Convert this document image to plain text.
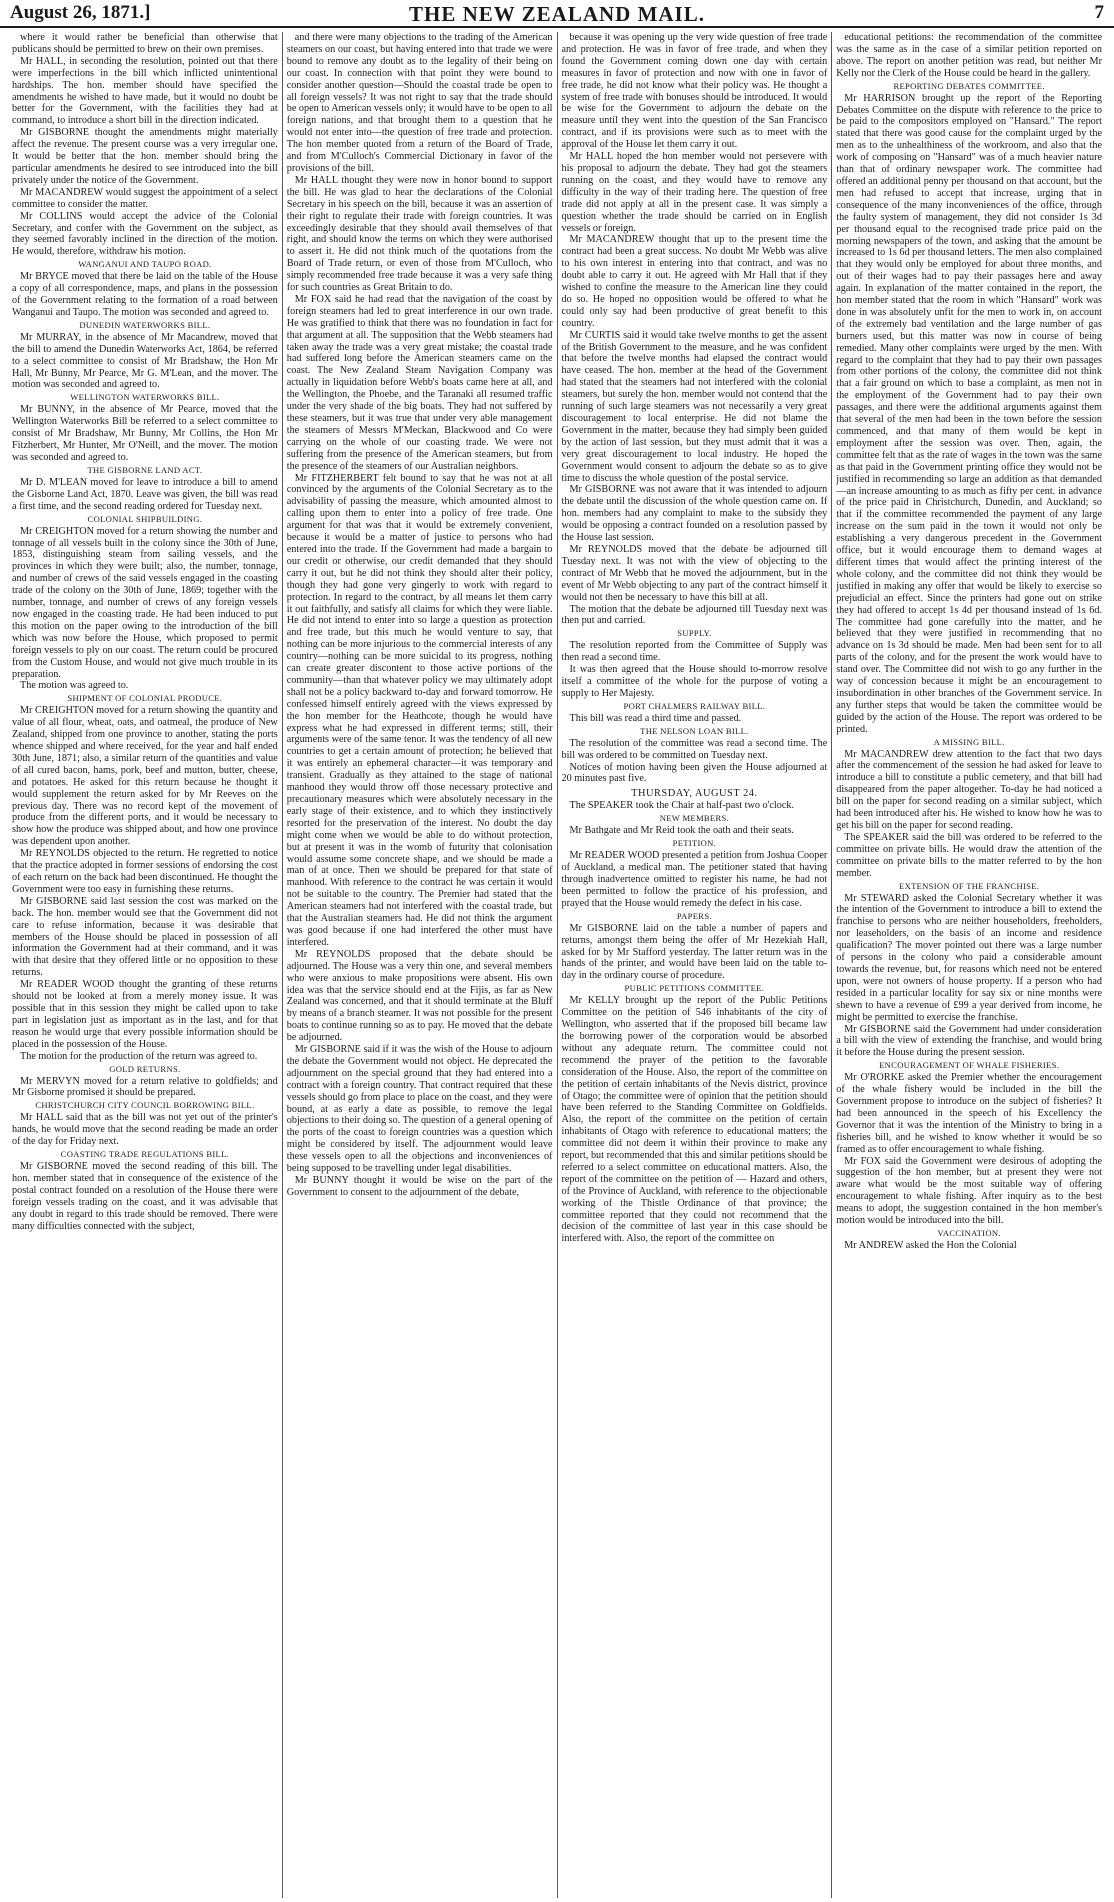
August 26, 1871.]	THE NEW ZEALAND MAIL.	7

where it would rather be beneficial than otherwise that publicans should be permitted to brew on their own premises.

Mr HALL, in seconding the resolution, pointed out that there were imperfections in the bill which inflicted unintentional hardships. The hon. member should have specified the amendments he wished to have made, but it would no doubt be better for the Government, with the facilities they had at command, to introduce a short bill in the direction indicated.

Mr GISBORNE thought the amendments might materially affect the revenue. The present course was a very irregular one. It would be better that the hon. member should bring the particular amendments he desired to see introduced into the bill privately under the notice of the Government.

Mr MACANDREW would suggest the appointment of a select committee to consider the matter.

Mr COLLINS would accept the advice of the Colonial Secretary, and confer with the Government on the subject, as they seemed favorably inclined in the direction of the motion. He would, therefore, withdraw his motion.

WANGANUI AND TAUPO ROAD.

Mr BRYCE moved that there be laid on the table of the House a copy of all correspondence, maps, and plans in the possession of the Government relating to the formation of a road between Wanganui and Taupo. The motion was seconded and agreed to.

DUNEDIN WATERWORKS BILL.

Mr MURRAY, in the absence of Mr Macandrew, moved that the bill to amend the Dunedin Waterworks Act, 1864, be referred to a select committee to consist of Mr Bradshaw, the Hon Mr Hall, Mr Bunny, Mr Pearce, Mr G. M'Lean, and the mover. The motion was seconded and agreed to.

WELLINGTON WATERWORKS BILL.

Mr BUNNY, in the absence of Mr Pearce, moved that the Wellington Waterworks Bill be referred to a select committee to consist of Mr Bradshaw, Mr Bunny, Mr Collins, the Hon Mr Fitzherbert, Mr Hunter, Mr O'Neill, and the mover. The motion was seconded and agreed to.

THE GISBORNE LAND ACT.

Mr D. M'LEAN moved for leave to introduce a bill to amend the Gisborne Land Act, 1870. Leave was given, the bill was read a first time, and the second reading ordered for Tuesday next.

COLONIAL SHIPBUILDING.

Mr CREIGHTON moved for a return showing the number and tonnage of all vessels built in the colony since the 30th of June, 1853, distinguishing steam from sailing vessels, and the provinces in which they were built; also, the number, tonnage, and number of crews of the said vessels engaged in the coasting trade of the colony on the 30th of June, 1869; together with the number, tonnage, and number of crews of any foreign vessels now engaged in the coasting trade. He had been induced to put this motion on the paper owing to the introduction of the bill which was now before the House, which proposed to permit foreign vessels to ply on our coast. The return could be procured from the Custom House, and would not give much trouble in its preparation.

The motion was agreed to.

SHIPMENT OF COLONIAL PRODUCE.

Mr CREIGHTON moved for a return showing the quantity and value of all flour, wheat, oats, and oatmeal, the produce of New Zealand, shipped from one province to another, stating the ports whence shipped and where received, for the year and half ended 30th June, 1871; also, a similar return of the quantities and value of all cured bacon, hams, pork, beef and mutton, butter, cheese, and potatoes. He asked for this return because he thought it would supplement the return asked for by Mr Reeves on the previous day. There was no record kept of the movement of produce from the different ports, and it would be necessary to show how the produce was shipped about, and how one province was dependent upon another.

Mr REYNOLDS objected to the return. He regretted to notice that the practice adopted in former sessions of endorsing the cost of each return on the back had been discontinued. He thought the Government were too easy in furnishing these returns.

Mr GISBORNE said last session the cost was marked on the back. The hon. member would see that the Government did not care to refuse information, because it was desirable that members of the House should be placed in possession of all information the Government had at their command, and it was with that desire that they offered little or no opposition to these returns.

Mr READER WOOD thought the granting of these returns should not be looked at from a merely money issue. It was possible that in this session they might be called upon to take part in legislation just as important as in the last, and for that reason he would urge that every possible information should be placed in the possession of the House.

The motion for the production of the return was agreed to.

GOLD RETURNS.

Mr MERVYN moved for a return relative to goldfields; and Mr Gisborne promised it should be prepared.

CHRISTCHURCH CITY COUNCIL BORROWING BILL.

Mr HALL said that as the bill was not yet out of the printer's hands, he would move that the second reading be made an order of the day for Friday next.

COASTING TRADE REGULATIONS BILL.

Mr GISBORNE moved the second reading of this bill. The hon. member stated that in consequence of the existence of the postal contract founded on a resolution of the House there were foreign vessels trading on the coast, and it was advisable that any doubt in regard to this trade should be removed. There were many difficulties connected with the subject,

and there were many objections to the trading of the American steamers on our coast, but having entered into that trade we were bound to remove any doubt as to the legality of their being on our coast. In connection with that point they were bound to consider another question—Should the coastal trade be open to all foreign vessels? It was not right to say that the trade should be open to American vessels only; it would have to be open to all foreign nations, and that brought them to a question that he would not enter into—the question of free trade and protection. The hon member quoted from a return of the Board of Trade, and from M'Culloch's Commercial Dictionary in favor of the provisions of the bill.

Mr HALL thought they were now in honor bound to support the bill. He was glad to hear the declarations of the Colonial Secretary in his speech on the bill, because it was an assertion of their right to regulate their trade with foreign countries. It was exceedingly desirable that they should avail themselves of that right, and should know the terms on which they were authorised to assert it. He did not think much of the quotations from the Board of Trade return, or even of those from M'Culloch, who simply recommended free trade because it was a very safe thing for such countries as Great Britain to do.

Mr FOX said he had read that the navigation of the coast by foreign steamers had led to great interference in our own trade. He was gratified to think that there was no foundation in fact for that argument at all. The supposition that the Webb steamers had taken away the trade was a very great mistake; the coastal trade had suffered long before the American steamers came on the coast. The New Zealand Steam Navigation Company was actually in liquidation before Webb's boats came here at all, and the Wellington, the Phoebe, and the Taranaki all resumed traffic under the very shade of the big boats. They had not suffered by these steamers, but it was true that under very able management the steamers of Messrs M'Meckan, Blackwood and Co were carrying on the whole of our coasting trade. We were not suffering from the presence of the American steamers, but from the presence of the steamers of our Australian neighbors.

Mr FITZHERBERT felt bound to say that he was not at all convinced by the arguments of the Colonial Secretary as to the advisability of passing the measure, which amounted almost to calling upon them to enter into a policy of free trade. One argument for that was that it would be extremely convenient, because it would be a matter of justice to persons who had entered into the trade. If the Government had made a bargain to our credit or otherwise, our credit demanded that they should carry it out, but he did not think they should alter their policy, though they had gone very gingerly to work with regard to protection. In regard to the contract, by all means let them carry it out faithfully, and satisfy all claims for which they were liable. He did not intend to enter into so large a question as protection and free trade, but this much he would venture to say, that nothing can be more injurious to the commercial interests of any country—nothing can be more suicidal to its progress, nothing can create greater discontent to those active portions of the community—than that whatever policy we may ultimately adopt shall not be a policy backward to-day and forward tomorrow. He confessed himself entirely agreed with the views expressed by the hon member for the Heathcote, though he would have express what he had expressed in different terms; still, their arguments were of the same tenor. It was the tendency of all new countries to get a certain amount of protection; he believed that it was entirely an ephemeral character—it was temporary and transient. Gradually as they attained to the stage of national manhood they would throw off those necessary protective and precautionary measures which were absolutely necessary in the early stage of their existence, and to which they instinctively resorted for the preservation of the interest. No doubt the day might come when we would be able to do without protection, but at present it was in the womb of futurity that colonisation would assume some concrete shape, and we should be made a man of at once. Then we should be prepared for that state of manhood. With reference to the contract he was certain it would not be suitable to the country. The Premier had stated that the American steamers had not interfered with the coastal trade, but that the Australian steamers had. He did not think the argument was good because if one had interfered the other must have interfered.

Mr REYNOLDS proposed that the debate should be adjourned. The House was a very thin one, and several members who were anxious to make propositions were absent. His own idea was that the service should end at the Fijis, as far as New Zealand was concerned, and that it should terminate at the Bluff by means of a branch steamer. It was not possible for the present boats to continue running so as to pay. He moved that the debate be adjourned.

Mr GISBORNE said if it was the wish of the House to adjourn the debate the Government would not object. He deprecated the adjournment on the special ground that they had entered into a contract with a foreign country. That contract required that these vessels should go from place to place on the coast, and they were bound, at as early a date as possible, to remove the legal objections to their doing so. The question of a general opening of the ports of the coast to foreign countries was a question which might be considered by itself. The adjournment would leave these vessels open to all the objections and inconveniences of being supposed to be travelling under legal disabilities.

Mr BUNNY thought it would be wise on the part of the Government to consent to the adjournment of the debate,

because it was opening up the very wide question of free trade and protection. He was in favor of free trade, and when they found the Government coming down one day with certain measures in favor of protection and now with one in favor of free trade, he did not know what their policy was. He thought a system of free trade with bonuses should be introduced. It would be wise for the Government to adjourn the debate on the measure until they went into the question of the San Francisco contract, and if its provisions were such as to meet with the approval of the House let them carry it out.

Mr HALL hoped the hon member would not persevere with his proposal to adjourn the debate. They had got the steamers running on the coast, and they would have to remove any difficulty in the way of their trading here. The question of free trade did not apply at all in the present case. It was simply a question whether the trade should be carried on in English vessels or foreign.

Mr MACANDREW thought that up to the present time the contract had been a great success. No doubt Mr Webb was alive to his own interest in entering into that contract, and was no doubt able to carry it out. He agreed with Mr Hall that if they wished to confine the measure to the American line they could do so. He hoped no opposition would be offered to what he could only say had been productive of great benefit to this country.

Mr CURTIS said it would take twelve months to get the assent of the British Government to the measure, and he was confident that before the twelve months had elapsed the contract would have ceased. The hon. member at the head of the Government had stated that the steamers had not interfered with the colonial steamers, but surely the hon. member would not contend that the running of such large steamers was not necessarily a very great discouragement to local enterprise. He did not blame the Government in the matter, because they had simply been guided by the action of last session, but they must admit that it was a very great discouragement to local industry. He hoped the Government would consent to adjourn the debate so as to give time to discuss the whole question of the postal service.

Mr GISBORNE was not aware that it was intended to adjourn the debate until the discussion of the whole question came on. If hon. members had any complaint to make to the subsidy they would be opposing a contract founded on a resolution passed by the House last session.

Mr REYNOLDS moved that the debate be adjourned till Tuesday next. It was not with the view of objecting to the contract of Mr Webb that he moved the adjournment, but in the event of Mr Webb objecting to any part of the contract himself it would not then be necessary to have this bill at all.

The motion that the debate be adjourned till Tuesday next was then put and carried.

SUPPLY.

The resolution reported from the Committee of Supply was then read a second time.

It was then agreed that the House should to-morrow resolve itself a committee of the whole for the purpose of voting a supply to Her Majesty.

PORT CHALMERS RAILWAY BILL.

This bill was read a third time and passed.

THE NELSON LOAN BILL.

The resolution of the committee was read a second time. The bill was ordered to be committed on Tuesday next.

Notices of motion having been given the House adjourned at 20 minutes past five.

THURSDAY, AUGUST 24.

The SPEAKER took the Chair at half-past two o'clock.

NEW MEMBERS.

Mr Bathgate and Mr Reid took the oath and their seats.

PETITION.

Mr READER WOOD presented a petition from Joshua Cooper of Auckland, a medical man. The petitioner stated that having through inadvertence omitted to register his name, he had not been permitted to follow the practice of his profession, and prayed that the House would remedy the defect in his case.

PAPERS.

Mr GISBORNE laid on the table a number of papers and returns, amongst them being the offer of Mr Hezekiah Hall, asked for by Mr Stafford yesterday. The latter return was in the hands of the printer, and would have been laid on the table to-day in the ordinary course of procedure.

PUBLIC PETITIONS COMMITTEE.

Mr KELLY brought up the report of the Public Petitions Committee on the petition of 546 inhabitants of the city of Wellington, who asserted that if the proposed bill became law the borrowing power of the corporation would be absorbed without any adequate return. The committee could not recommend the prayer of the petition to the favorable consideration of the House. Also, the report of the committee on the petition of certain inhabitants of the Nevis district, province of Otago; the committee were of opinion that the petition should have been referred to the Standing Committee on Goldfields. Also, the report of the committee on the petition of certain inhabitants of Otago with reference to educational matters; the committee did not deem it within their province to make any report, but recommended that this and similar petitions should be referred to a select committee on educational matters. Also, the report of the committee on the petition of — Hazard and others, of the Province of Auckland, with reference to the objectionable working of the Thistle Ordinance of that province; the committee reported that they could not recommend that the decision of the committee of last year in this case should be interfered with. Also, the report of the committee on

educational petitions: the recommendation of the committee was the same as in the case of a similar petition reported on above. The report on another petition was read, but neither Mr Kelly nor the Clerk of the House could be heard in the gallery.

REPORTING DEBATES COMMITTEE.

Mr HARRISON brought up the report of the Reporting Debates Committee on the dispute with reference to the price to be paid to the compositors employed on "Hansard." The report stated that there was good cause for the complaint urged by the men as to the unhealthiness of the workroom, and also that the work of composing on "Hansard" was of a much heavier nature than that of ordinary newspaper work. The committee had offered an additional penny per thousand on that account, but the men had refused to accept that increase, urging that in consequence of the many inconveniences of the office, through the faulty system of management, they did not consider 1s 3d per thousand equal to the recognised trade price paid on the morning newspapers of the town, and asking that the amount be increased to 1s 6d per thousand letters. The men also complained that they would only be employed for about three months, and out of their wages had to pay their passages here and away again. In explanation of the matter contained in the report, the hon member stated that the room in which "Hansard" work was done in was absolutely unfit for the men to work in, on account of the extremely bad ventilation and the large number of gas burners used, but this matter was now in course of being remedied. Many other complaints were urged by the men. With regard to the complaint that they had to pay their own passages from other portions of the colony, the committee did not think that a fair ground on which to base a complaint, as men not in the employment of the Government had to pay their own passages, and there were the additional arguments against them that several of the men had been in the town before the session commenced, and that many of them would be kept in employment after the session was over. Then, again, the committee felt that as the rate of wages in the town was the same as that paid in the Government printing office they would not be justified in recommending so large an addition as that demanded—an increase amounting to as much as fifty per cent. in advance of the price paid in Christchurch, Dunedin, and Auckland; so that if the committee recommended the payment of any large increase on the sum paid in the town it would not only be establishing a very dangerous precedent in the Government office, but it would encourage them to demand wages at different times that would affect the printing interest of the whole colony, and the committee did not think they would be justified in making any offer that would be likely to exercise so prejudicial an effect. Since the printers had gone out on strike they had offered to accept 1s 4d per thousand instead of 1s 6d. The committee had gone carefully into the matter, and he believed that they were justified in recommending that no advance on 1s 3d should be made. Men had been sent for to all parts of the colony, and for the present the work would have to stand over. The Committee did not wish to go any further in the way of concession because it might be an encouragement to insubordination in other branches of the Government service. In any further steps that would be taken the committee would be guided by the action of the House. The report was ordered to be printed.

A MISSING BILL.

Mr MACANDREW drew attention to the fact that two days after the commencement of the session he had asked for leave to introduce a bill to constitute a public cemetery, and that bill had disappeared from the paper altogether. To-day he had noticed a bill on the paper for second reading on a similar subject, which had been introduced after his. He wished to know how he was to get his bill on the paper for second reading.

The SPEAKER said the bill was ordered to be referred to the committee on private bills. He would draw the attention of the committee on private bills to the matter referred to by the hon member.

EXTENSION OF THE FRANCHISE.

Mr STEWARD asked the Colonial Secretary whether it was the intention of the Government to introduce a bill to extend the franchise to persons who are neither householders, freeholders, nor leaseholders, on the basis of an income and residence qualification? The mover pointed out there was a large number of persons in the colony who paid a considerable amount towards the revenue, but, for reasons which need not be entered upon, were not owners of house property. If a person who had resided in a particular locality for say six or nine months were shewn to have a revenue of £99 a year derived from income, he might be permitted to exercise the franchise.

Mr GISBORNE said the Government had under consideration a bill with the view of extending the franchise, and would bring it before the House during the present session.

ENCOURAGEMENT OF WHALE FISHERIES.

Mr O'RORKE asked the Premier whether the encouragement of the whale fishery would be included in the bill the Government propose to introduce on the subject of fisheries? It had been announced in the speech of his Excellency the Governor that it was the intention of the Ministry to bring in a fisheries bill, and he wished to know whether it would be so framed as to offer encouragement to whale fishing.

Mr FOX said the Government were desirous of adopting the suggestion of the hon member, but at present they were not aware what would be the most suitable way of offering encouragement to whale fishing. After inquiry as to the best means to adopt, the suggestion contained in the hon member's motion would be introduced into the bill.

VACCINATION.

Mr ANDREW asked the Hon the Colonial
